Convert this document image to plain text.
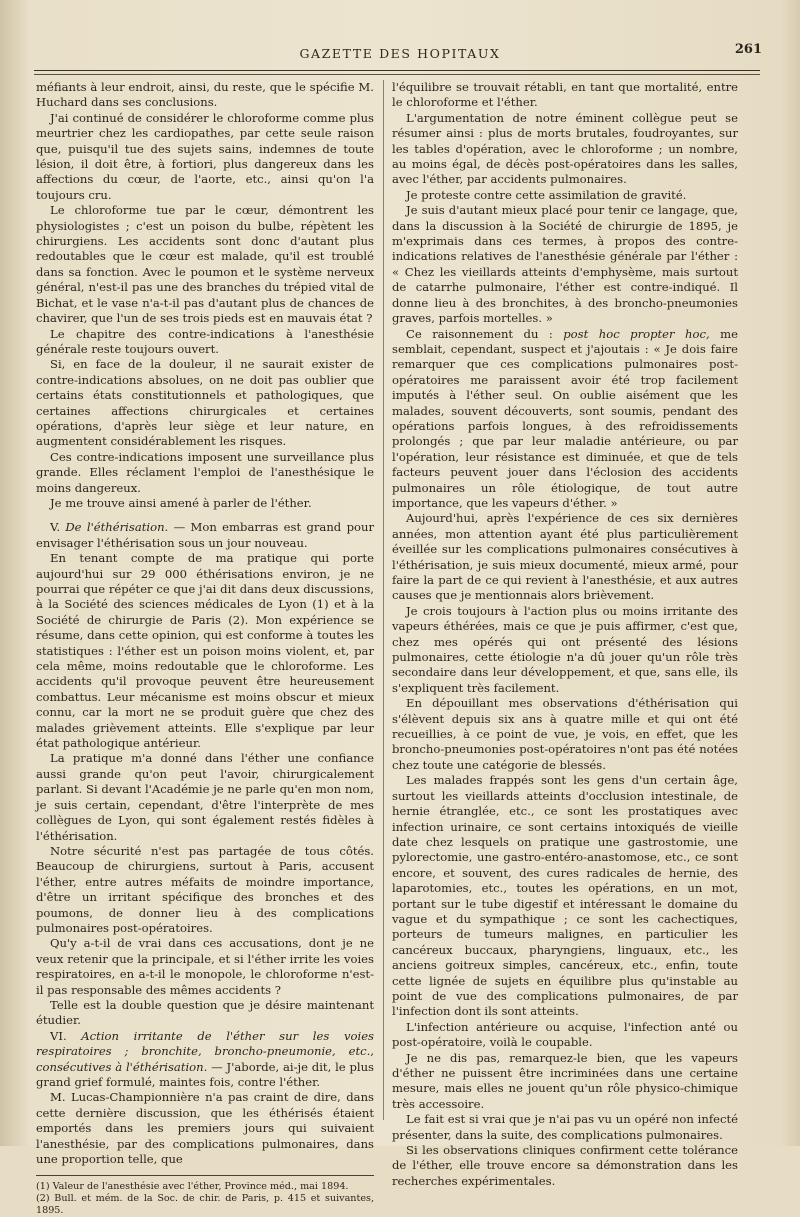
GAZETTE DES HOPITAUX	261

méfiants à leur endroit, ainsi, du reste, que le spécifie M. Huchard dans ses conclusions.

J'ai continué de considérer le chloroforme comme plus meurtrier chez les cardiopathes, par cette seule raison que, puisqu'il tue des sujets sains, indemnes de toute lésion, il doit être, à fortiori, plus dangereux dans les affections du cœur, de l'aorte, etc., ainsi qu'on l'a toujours cru.

Le chloroforme tue par le cœur, démontrent les physiologistes ; c'est un poison du bulbe, répètent les chirurgiens. Les accidents sont donc d'autant plus redoutables que le cœur est malade, qu'il est troublé dans sa fonction. Avec le poumon et le système nerveux général, n'est-il pas une des branches du trépied vital de Bichat, et le vase n'a-t-il pas d'autant plus de chances de chavirer, que l'un de ses trois pieds est en mauvais état ?

Le chapitre des contre-indications à l'anesthésie générale reste toujours ouvert.

Si, en face de la douleur, il ne saurait exister de contre-indications absolues, on ne doit pas oublier que certains états constitutionnels et pathologiques, que certaines affections chirurgicales et certaines opérations, d'après leur siège et leur nature, en augmentent considérablement les risques.

Ces contre-indications imposent une surveillance plus grande. Elles réclament l'emploi de l'anesthésique le moins dangereux.

Je me trouve ainsi amené à parler de l'éther.

V. De l'éthérisation. — Mon embarras est grand pour envisager l'éthérisation sous un jour nouveau.

En tenant compte de ma pratique qui porte aujourd'hui sur 29 000 éthérisations environ, je ne pourrai que répéter ce que j'ai dit dans deux discussions, à la Société des sciences médicales de Lyon (1) et à la Société de chirurgie de Paris (2). Mon expérience se résume, dans cette opinion, qui est conforme à toutes les statistiques : l'éther est un poison moins violent, et, par cela même, moins redoutable que le chloroforme. Les accidents qu'il provoque peuvent être heureusement combattus. Leur mécanisme est moins obscur et mieux connu, car la mort ne se produit guère que chez des malades grièvement atteints. Elle s'explique par leur état pathologique antérieur.

La pratique m'a donné dans l'éther une confiance aussi grande qu'on peut l'avoir, chirurgicalement parlant. Si devant l'Académie je ne parle qu'en mon nom, je suis certain, cependant, d'être l'interprète de mes collègues de Lyon, qui sont également restés fidèles à l'éthérisation.

Notre sécurité n'est pas partagée de tous côtés. Beaucoup de chirurgiens, surtout à Paris, accusent l'éther, entre autres méfaits de moindre importance, d'être un irritant spécifique des bronches et des poumons, de donner lieu à des complications pulmonaires post-opératoires.

Qu'y a-t-il de vrai dans ces accusations, dont je ne veux retenir que la principale, et si l'éther irrite les voies respiratoires, en a-t-il le monopole, le chloroforme n'est-il pas responsable des mêmes accidents ?

Telle est la double question que je désire maintenant étudier.

VI. Action irritante de l'éther sur les voies respiratoires ; bronchite, broncho-pneumonie, etc., consécutives à l'éthérisation. — J'aborde, ai-je dit, le plus grand grief formulé, maintes fois, contre l'éther.

M. Lucas-Championnière n'a pas craint de dire, dans cette dernière discussion, que les éthérisés étaient emportés dans les premiers jours qui suivaient l'anesthésie, par des complications pulmonaires, dans une proportion telle, que

(1) Valeur de l'anesthésie avec l'éther, Province méd., mai 1894.

(2) Bull. et mém. de la Soc. de chir. de Paris, p. 415 et suivantes, 1895.

l'équilibre se trouvait rétabli, en tant que mortalité, entre le chloroforme et l'éther.

L'argumentation de notre éminent collègue peut se résumer ainsi : plus de morts brutales, foudroyantes, sur les tables d'opération, avec le chloroforme ; un nombre, au moins égal, de décès post-opératoires dans les salles, avec l'éther, par accidents pulmonaires.

Je proteste contre cette assimilation de gravité.

Je suis d'autant mieux placé pour tenir ce langage, que, dans la discussion à la Société de chirurgie de 1895, je m'exprimais dans ces termes, à propos des contre-indications relatives de l'anesthésie générale par l'éther : « Chez les vieillards atteints d'emphysème, mais surtout de catarrhe pulmonaire, l'éther est contre-indiqué. Il donne lieu à des bronchites, à des broncho-pneumonies graves, parfois mortelles. »

Ce raisonnement du : post hoc propter hoc, me semblait, cependant, suspect et j'ajoutais : « Je dois faire remarquer que ces complications pulmonaires post-opératoires me paraissent avoir été trop facilement imputés à l'éther seul. On oublie aisément que les malades, souvent découverts, sont soumis, pendant des opérations parfois longues, à des refroidissements prolongés ; que par leur maladie antérieure, ou par l'opération, leur résistance est diminuée, et que de tels facteurs peuvent jouer dans l'éclosion des accidents pulmonaires un rôle étiologique, de tout autre importance, que les vapeurs d'éther. »

Aujourd'hui, après l'expérience de ces six dernières années, mon attention ayant été plus particulièrement éveillée sur les complications pulmonaires consécutives à l'éthérisation, je suis mieux documenté, mieux armé, pour faire la part de ce qui revient à l'anesthésie, et aux autres causes que je mentionnais alors brièvement.

Je crois toujours à l'action plus ou moins irritante des vapeurs éthérées, mais ce que je puis affirmer, c'est que, chez mes opérés qui ont présenté des lésions pulmonaires, cette étiologie n'a dû jouer qu'un rôle très secondaire dans leur développement, et que, sans elle, ils s'expliquent très facilement.

En dépouillant mes observations d'éthérisation qui s'élèvent depuis six ans à quatre mille et qui ont été recueillies, à ce point de vue, je vois, en effet, que les broncho-pneumonies post-opératoires n'ont pas été notées chez toute une catégorie de blessés.

Les malades frappés sont les gens d'un certain âge, surtout les vieillards atteints d'occlusion intestinale, de hernie étranglée, etc., ce sont les prostatiques avec infection urinaire, ce sont certains intoxiqués de vieille date chez lesquels on pratique une gastrostomie, une pylorectomie, une gastro-entéro-anastomose, etc., ce sont encore, et souvent, des cures radicales de hernie, des laparotomies, etc., toutes les opérations, en un mot, portant sur le tube digestif et intéressant le domaine du vague et du sympathique ; ce sont les cachectiques, porteurs de tumeurs malignes, en particulier les cancéreux buccaux, pharyngiens, linguaux, etc., les anciens goitreux simples, cancéreux, etc., enfin, toute cette lignée de sujets en équilibre plus qu'instable au point de vue des complications pulmonaires, de par l'infection dont ils sont atteints.

L'infection antérieure ou acquise, l'infection anté ou post-opératoire, voilà le coupable.

Je ne dis pas, remarquez-le bien, que les vapeurs d'éther ne puissent être incriminées dans une certaine mesure, mais elles ne jouent qu'un rôle physico-chimique très accessoire.

Le fait est si vrai que je n'ai pas vu un opéré non infecté présenter, dans la suite, des complications pulmonaires.

Si les observations cliniques confirment cette tolérance de l'éther, elle trouve encore sa démonstration dans les recherches expérimentales.
